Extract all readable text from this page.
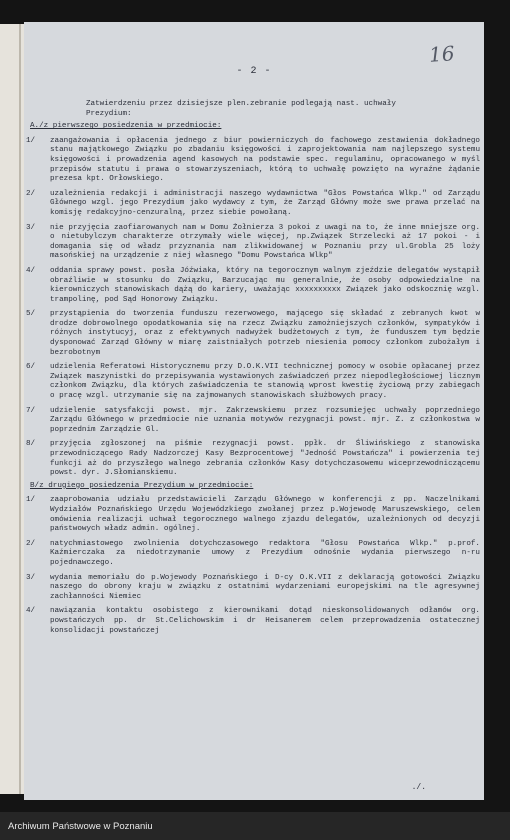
16
- 2 -
Zatwierdzeniu przez dzisiejsze plen.zebranie podlegają nast. uchwały Prezydium:
A./z pierwszego posiedzenia w przedmiocie:
1/	zaangażowania i opłacenia jednego z biur powierniczych do fachowego zestawienia dokładnego stanu majątkowego Związku po zbadaniu księgowości i zaprojektowania nam najlepszego systemu księgowości i prowadzenia agend kasowych na podstawie spec. regulaminu, opracowanego w myśl przepisów statutu i prawa o stowarzyszeniach, którą to uchwałę powzięto na wyraźne żądanie prezesa kpt. Orłowskiego.
2/	uzależnienia redakcji i administracji naszego wydawnictwa "Głos Powstańca Wlkp." od Zarządu Głównego wzgl. jego Prezydium jako wydawcy z tym, że Zarząd Główny może swe prawa przelać na komisję redakcyjno-cenzuralną, przez siebie powołaną.
3/	nie przyjęcia zaofiarowanych nam w Domu Żołnierza 3 pokoi z uwagi na to, że inne mniejsze org. o nietubylczym charakterze otrzymały wiele więcej, np.Związek Strzelecki aż 17 pokoi - i domagania się od władz przyznania nam zlikwidowanej w Poznaniu przy ul.Grobla 25 loży masońskiej na urządzenie z niej własnego "Domu Powstańca Wlkp"
4/	oddania sprawy powst. posła Jóźwiaka, który na tegorocznym walnym zjeździe delegatów wystąpił obraźliwie w stosunku do Związku, Barzucając mu generalnie, że osoby odpowiedzialne na kierowniczych stanowiskach dążą do kariery, uważając xxxxxxxxxx Związek jako odskocznię wzgl. trampolinę, pod Sąd Honorowy Związku.
5/	przystąpienia do tworzenia funduszu rezerwowego, mającego się składać z zebranych kwot w drodze dobrowolnego opodatkowania się na rzecz Związku zamożniejszych członków, sympatyków i różnych instytucyj, oraz z efektywnych nadwyżek budżetowych z tym, że funduszem tym będzie dysponować Zarząd Główny w miarę zaistniałych potrzeb niesienia pomocy członkom zubożałym i bezrobotnym
6/	udzielenia Referatowi Historycznemu przy D.O.K.VII technicznej pomocy w osobie opłacanej przez Związek maszynistki do przepisywania wystawionych zaświadczeń przez niepodległościowej licznym członkom Związku, dla których zaświadczenia te stanowią wprost kwestię życiową przy zabiegach o pracę wzgl. utrzymanie się na zajmowanych stanowiskach służbowych pracy.
7/	udzielenie satysfakcji powst. mjr. Zakrzewskiemu przez rozsumiejęc uchwały poprzedniego Zarządu Głównego w przedmiocie nie uznania motywów rezygnacji powst. mjr. Z. z członkostwa w poprzednim Zarządzie Gl.
8/	przyjęcia zgłoszonej na piśmie rezygnacji powst. ppłk. dr Śliwińskiego z stanowiska przewodniczącego Rady Nadzorczej Kasy Bezprocentowej "Jedność Powstańcza" i powierzenia tej funkcji aż do przyszłego walnego zebrania członków Kasy dotychczasowemu wiceprzewodniczącemu powst. dyr. J.Słomianskiemu.
B/z drugiego posiedzenia Prezydium w przedmiocie:
1/	zaaprobowania udziału przedstawicieli Zarządu Głównego w konferencji z pp. Naczelnikami Wydziałów Poznańskiego Urzędu Wojewódzkiego zwołanej przez p.Wojewodę Maruszewskiego, celem omówienia realizacji uchwał tegorocznego walnego zjazdu delegatów, uzależnionych od decyzji państwowych władz admin. ogólnej.
2/	natychmiastowego zwolnienia dotychczasowego redaktora "Głosu Powstańca Wlkp." p.prof. Kaźmierczaka za niedotrzymanie umowy z Prezydium odnośnie wydania pierwszego n-ru pojednawczego.
3/	wydania memoriału do p.Wojewody Poznańskiego i D-cy O.K.VII z deklaracją gotowości Związku naszego do obrony kraju w związku z ostatnimi wydarzeniami europejskimi na tle agresywnej zachłanności Niemiec
4/	nawiązania kontaktu osobistego z kierownikami dotąd nieskonsolidowanych odłamów org. powstańczych pp. dr St.Celichowskim i dr Heisanerem celem przeprowadzenia ostatecznej konsolidacji powstańczej
./.
Archiwum Państwowe w Poznaniu
